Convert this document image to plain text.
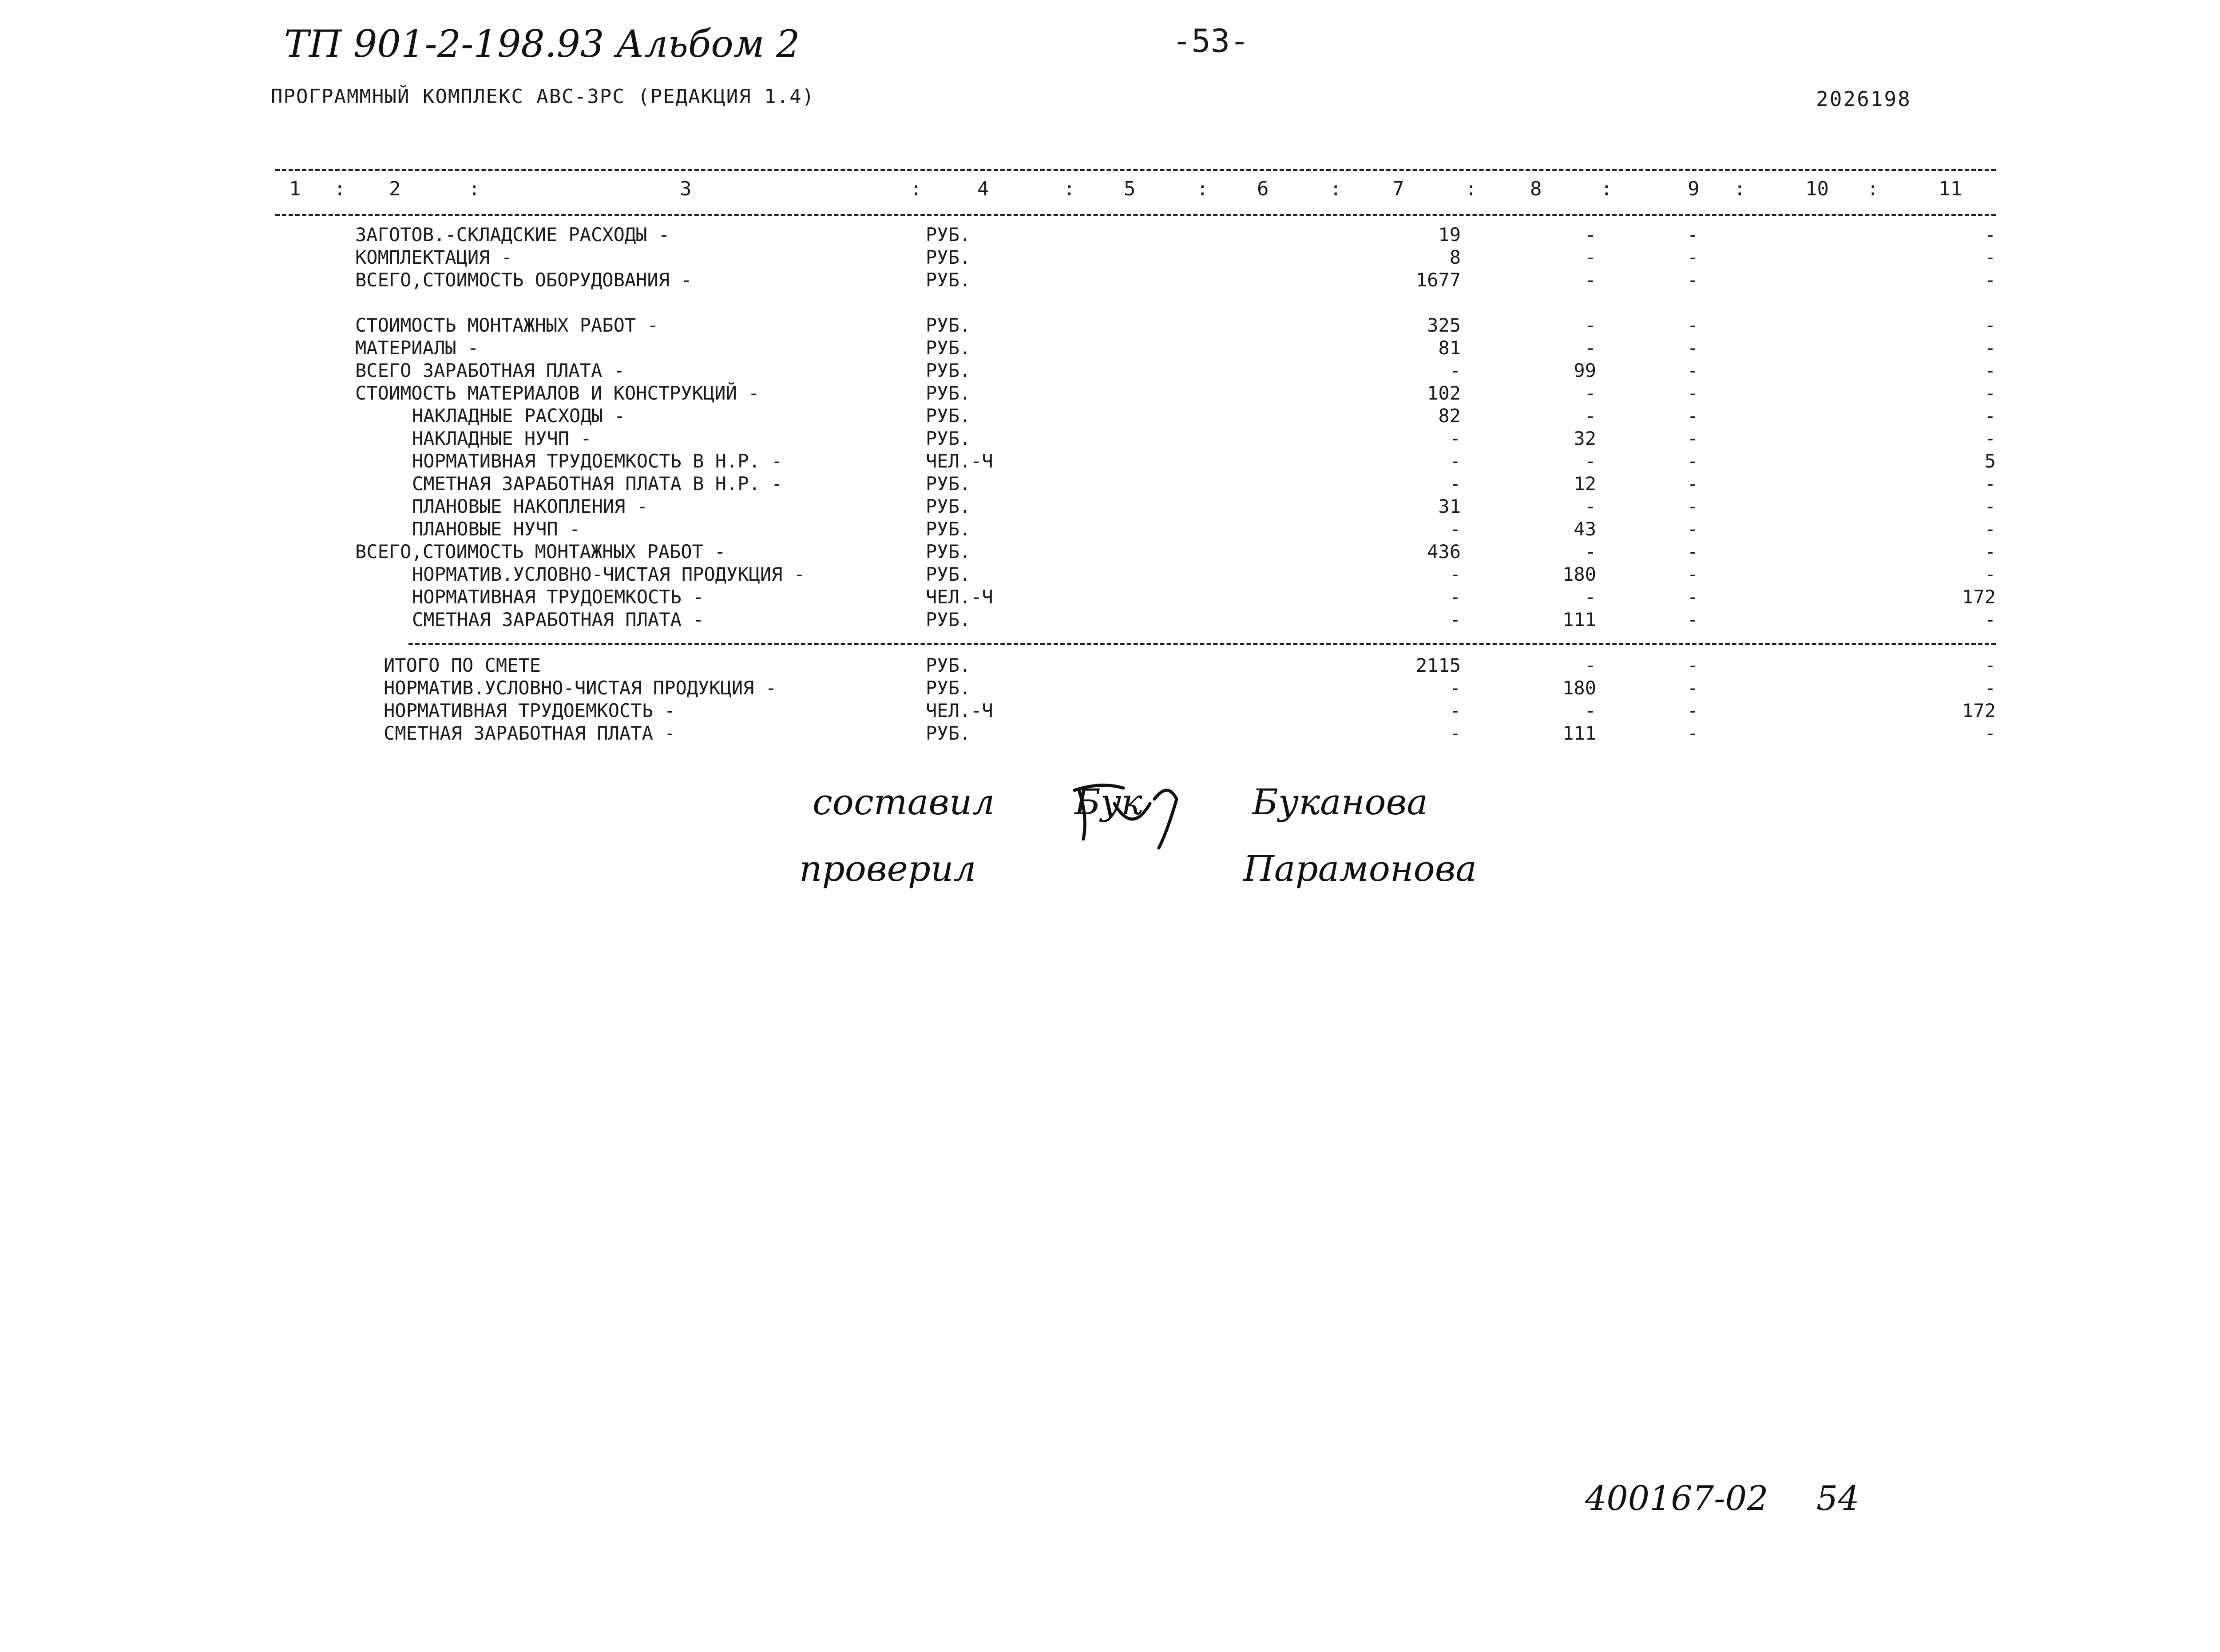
ТП 901-2-198.93 Альбом 2	-53-
ПРОГРАММНЫЙ КОМПЛЕКС АВС-3РС (РЕДАКЦИЯ 1.4)	2026198
1	2	3	4	5	6	7	8	9	10	11
:	:	:	:	:	:	:	:	:	:
ЗАГОТОВ.-СКЛАДСКИЕ РАСХОДЫ -	РУБ.	19	-	-	-
КОМПЛЕКТАЦИЯ -	РУБ.	8	-	-	-
ВСЕГО,СТОИМОСТЬ ОБОРУДОВАНИЯ -	РУБ.	1677	-	-	-
СТОИМОСТЬ МОНТАЖНЫХ РАБОТ -	РУБ.	325	-	-	-
МАТЕРИАЛЫ -	РУБ.	81	-	-	-
ВСЕГО ЗАРАБОТНАЯ ПЛАТА -	РУБ.	-	99	-	-
СТОИМОСТЬ МАТЕРИАЛОВ И КОНСТРУКЦИЙ -	РУБ.	102	-	-	-
НАКЛАДНЫЕ РАСХОДЫ -	РУБ.	82	-	-	-
НАКЛАДНЫЕ НУЧП -	РУБ.	-	32	-	-
НОРМАТИВНАЯ ТРУДОЕМКОСТЬ В Н.Р. -	ЧЕЛ.-Ч	-	-	-	5
СМЕТНАЯ ЗАРАБОТНАЯ ПЛАТА В Н.Р. -	РУБ.	-	12	-	-
ПЛАНОВЫЕ НАКОПЛЕНИЯ -	РУБ.	31	-	-	-
ПЛАНОВЫЕ НУЧП -	РУБ.	-	43	-	-
ВСЕГО,СТОИМОСТЬ МОНТАЖНЫХ РАБОТ -	РУБ.	436	-	-	-
НОРМАТИВ.УСЛОВНО-ЧИСТАЯ ПРОДУКЦИЯ -	РУБ.	-	180	-	-
НОРМАТИВНАЯ ТРУДОЕМКОСТЬ -	ЧЕЛ.-Ч	-	-	-	172
СМЕТНАЯ ЗАРАБОТНАЯ ПЛАТА -	РУБ.	-	111	-	-
ИТОГО ПО СМЕТЕ	РУБ.	2115	-	-	-
НОРМАТИВ.УСЛОВНО-ЧИСТАЯ ПРОДУКЦИЯ -	РУБ.	-	180	-	-
НОРМАТИВНАЯ ТРУДОЕМКОСТЬ -	ЧЕЛ.-Ч	-	-	-	172
СМЕТНАЯ ЗАРАБОТНАЯ ПЛАТА -	РУБ.	-	111	-	-
составил Бук	Буканова
проверил	Парамонова
400167-02 54
